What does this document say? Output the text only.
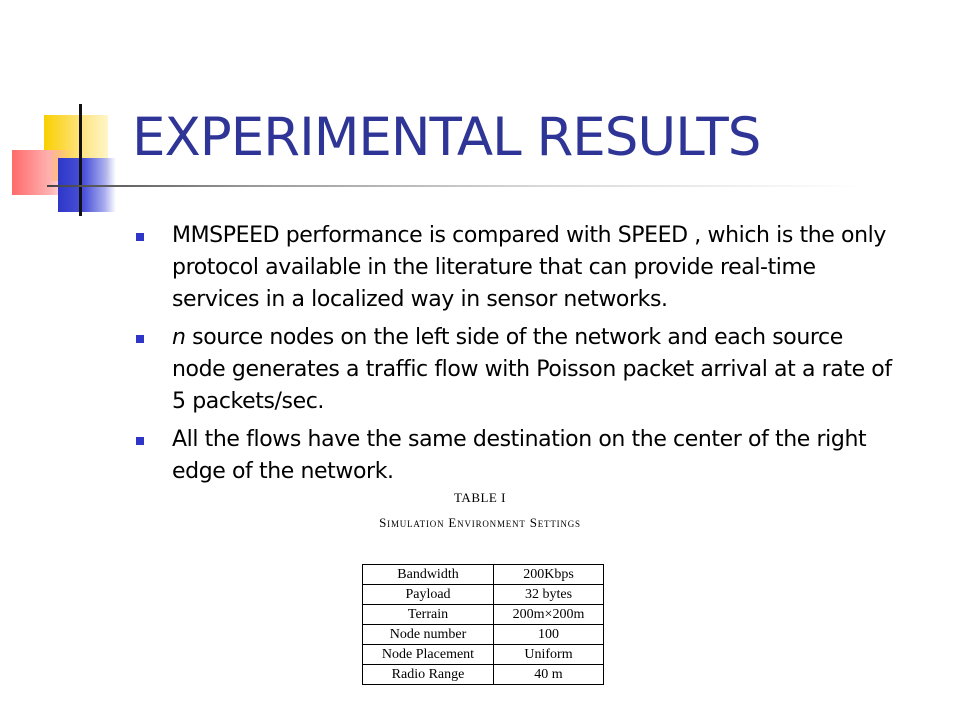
EXPERIMENTAL RESULTS
MMSPEED performance is compared with SPEED , which is the only protocol available in the literature that can provide real-time services in a localized way in sensor networks.
n source nodes on the left side of the network and each source node generates a traffic flow with Poisson packet arrival at a rate of 5 packets/sec.
All the flows have the same destination on the center of the right edge of the network.
TABLE I
Simulation Environment Settings
Bandwidth	200Kbps
Payload	32 bytes
Terrain	200m×200m
Node number	100
Node Placement	Uniform
Radio Range	40 m
